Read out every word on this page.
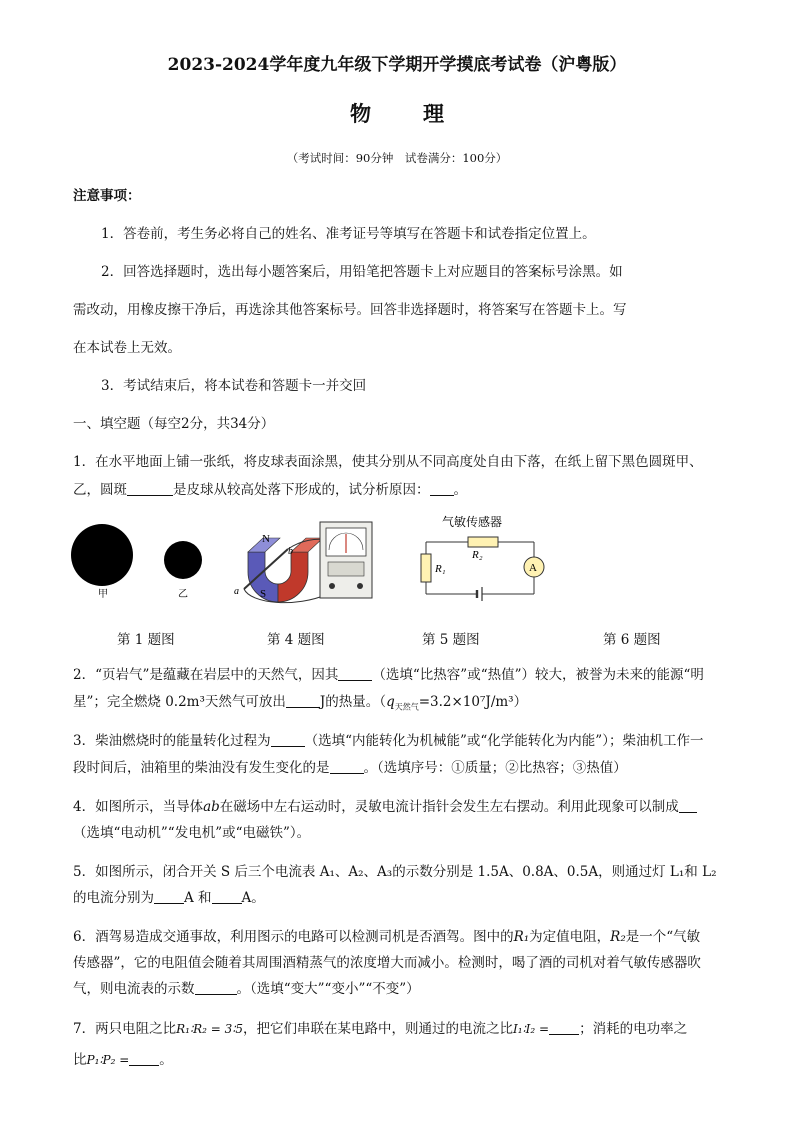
2023-2024学年度九年级下学期开学摸底考试卷（沪粤版）
物理
（考试时间：90分钟　试卷满分：100分）
注意事项：
1．答卷前，考生务必将自己的姓名、准考证号等填写在答题卡和试卷指定位置上。
2．回答选择题时，选出每小题答案后，用铅笔把答题卡上对应题目的答案标号涂黑。如
需改动，用橡皮擦干净后，再选涂其他答案标号。回答非选择题时，将答案写在答题卡上。写
在本试卷上无效。
3．考试结束后，将本试卷和答题卡一并交回
一、填空题（每空2分，共34分）
1．在水平地面上铺一张纸，将皮球表面涂黑，使其分别从不同高度处自由下落，在纸上留下黑色圆斑甲、
乙，圆斑	是皮球从较高处落下形成的，试分析原因： 。
甲	乙
N
S
a
b
气敏传感器
R₂
A
R₁
第 1 题图	第 4 题图	第 5 题图	第 6 题图
2．“页岩气”是蕴藏在岩层中的天然气，因其	（选填“比热容”或“热值”）较大，被誉为未来的能源“明
星”；完全燃烧 0.2m³天然气可放出	J的热量。$(q_{天然气}=3.2\times 10^7J/m^3)$
3．柴油燃烧时的能量转化过程为	（选填“内能转化为机械能”或“化学能转化为内能”）；柴油机工作一
段时间后，油箱里的柴油没有发生变化的是	。（选填序号：①质量；②比热容；③热值）
4．如图所示，当导体ab在磁场中左右运动时，灵敏电流计指针会发生左右摆动。利用此现象可以制成
（选填“电动机”“发电机”或“电磁铁”）。
5．如图所示，闭合开关 S 后三个电流表 A₁、A₂、A₃的示数分别是 1.5A、0.8A、0.5A，则通过灯 L₁和 L₂
的电流分别为 A 和 A。
6．酒驾易造成交通事故，利用图示的电路可以检测司机是否酒驾。图中的R₁为定值电阻，R₂是一个“气敏
传感器”，它的电阻值会随着其周围酒精蒸气的浓度增大而减小。检测时，喝了酒的司机对着气敏传感器吹
气，则电流表的示数	。（选填“变大”“变小”“不变”）
7．两只电阻之比R₁∶R₂ = 3∶5，把它们串联在某电路中，则通过的电流之比I₁∶I₂ = ；消耗的电功率之
比P₁∶P₂ = 。
